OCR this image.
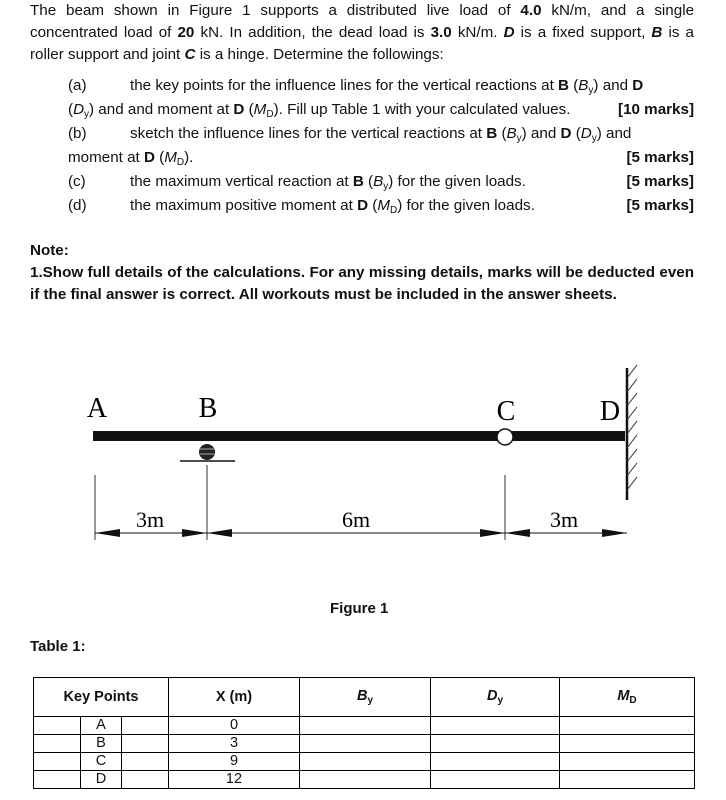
The beam shown in Figure 1 supports a distributed live load of 4.0 kN/m, and a single concentrated load of 20 kN. In addition, the dead load is 3.0 kN/m. D is a fixed support, B is a roller support and joint C is a hinge. Determine the followings:
(a)	the key points for the influence lines for the vertical reactions at B $(B_y)$ and D
$(D_y)$ and and moment at D $(M_D)$. Fill up Table 1 with your calculated values.	[10 marks]
(b)	sketch the influence lines for the vertical reactions at B $(B_y)$ and D $(D_y)$ and
moment at D $(M_D)$.	[5 marks]
(c)	the maximum vertical reaction at B $(B_y)$ for the given loads.	[5 marks]
(d)	the maximum positive moment at D $(M_D)$ for the given loads.	[5 marks]
Note:
1.Show full details of the calculations. For any missing details, marks will be deducted even if the final answer is correct. All workouts must be included in the answer sheets.
A	B	C	D
3m	6m	3m
Figure 1
Table 1:
Key Points	X (m)	$B_y$	$D_y$	$M_D$
A	0			
B	3			
C	9			
D	12			
